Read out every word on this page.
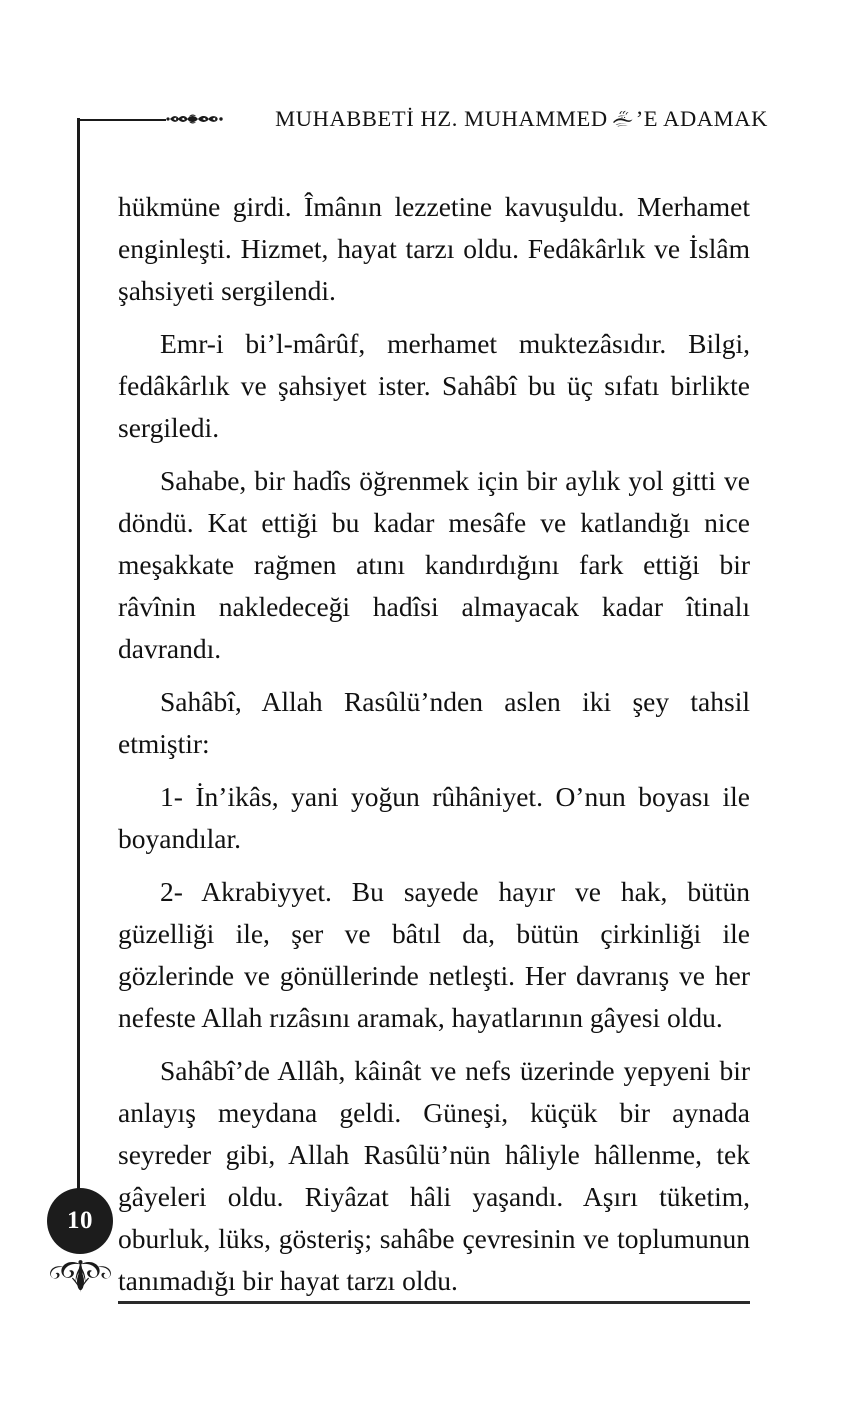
MUHABBETİ HZ. MUHAMMED ’E ADAMAK

hükmüne girdi. Îmânın lezzetine kavuşuldu. Merhamet enginleşti. Hizmet, hayat tarzı oldu. Fedâkârlık ve İslâm şahsiyeti sergilendi.

Emr-i bi’l-mârûf, merhamet muktezâsıdır. Bilgi, fedâkârlık ve şahsiyet ister. Sahâbî bu üç sıfatı birlikte sergiledi.

Sahabe, bir hadîs öğrenmek için bir aylık yol gitti ve döndü. Kat ettiği bu kadar mesâfe ve katlandığı nice meşakkate rağmen atını kandırdığını fark ettiği bir râvînin nakledeceği hadîsi almayacak kadar îtinalı davrandı.

Sahâbî, Allah Rasûlü’nden aslen iki şey tahsil etmiştir:

1- İn’ikâs, yani yoğun rûhâniyet. O’nun boyası ile boyandılar.

2- Akrabiyyet. Bu sayede hayır ve hak, bütün güzelliği ile, şer ve bâtıl da, bütün çirkinliği ile gözlerinde ve gönüllerinde netleşti. Her davranış ve her nefeste Allah rızâsını aramak, hayatlarının gâyesi oldu.

Sahâbî’de Allâh, kâinât ve nefs üzerinde yepyeni bir anlayış meydana geldi. Güneşi, küçük bir aynada seyreder gibi, Allah Rasûlü’nün hâliyle hâllenme, tek gâyeleri oldu. Riyâzat hâli yaşandı. Aşırı tüketim, oburluk, lüks, gösteriş; sahâbe çevresinin ve toplumunun tanımadığı bir hayat tarzı oldu.

10
